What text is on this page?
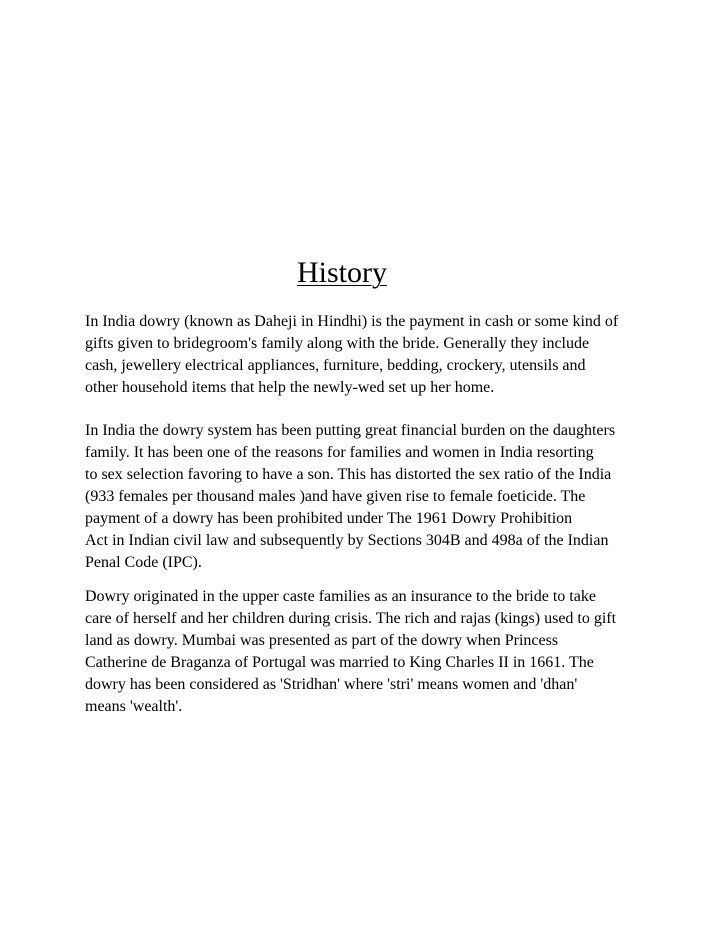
History

In India dowry (known as Daheji in Hindhi) is the payment in cash or some kind of
gifts given to bridegroom's family along with the bride. Generally they include
cash, jewellery electrical appliances, furniture, bedding, crockery, utensils and
other household items that help the newly-wed set up her home.

In India the dowry system has been putting great financial burden on the daughters
family. It has been one of the reasons for families and women in India resorting
to sex selection favoring to have a son. This has distorted the sex ratio of the India
(933 females per thousand males )and have given rise to female foeticide. The
payment of a dowry has been prohibited under The 1961 Dowry Prohibition
Act in Indian civil law and subsequently by Sections 304B and 498a of the Indian
Penal Code (IPC).

Dowry originated in the upper caste families as an insurance to the bride to take
care of herself and her children during crisis. The rich and rajas (kings) used to gift
land as dowry. Mumbai was presented as part of the dowry when Princess
Catherine de Braganza of Portugal was married to King Charles II in 1661. The
dowry has been considered as 'Stridhan' where 'stri' means women and 'dhan'
means 'wealth'.
